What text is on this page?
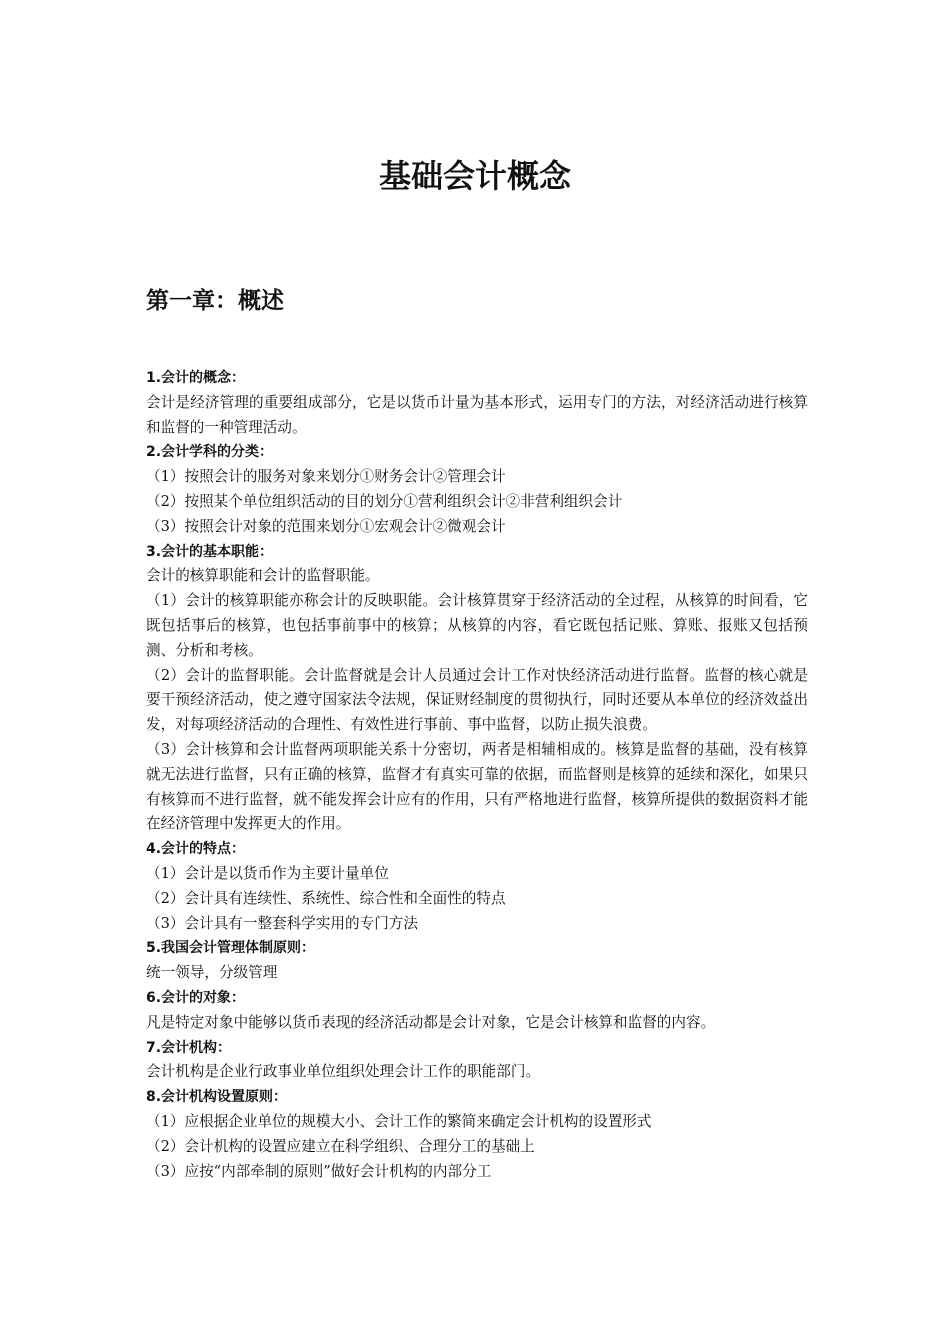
基础会计概念
第一章：概述

1.会计的概念：

会计是经济管理的重要组成部分，它是以货币计量为基本形式，运用专门的方法，对经济活动进行核算和监督的一种管理活动。

2.会计学科的分类：

（1）按照会计的服务对象来划分①财务会计②管理会计

（2）按照某个单位组织活动的目的划分①营利组织会计②非营利组织会计

（3）按照会计对象的范围来划分①宏观会计②微观会计

3.会计的基本职能：

会计的核算职能和会计的监督职能。

（1）会计的核算职能亦称会计的反映职能。会计核算贯穿于经济活动的全过程，从核算的时间看，它既包括事后的核算，也包括事前事中的核算；从核算的内容，看它既包括记账、算账、报账又包括预测、分析和考核。

（2）会计的监督职能。会计监督就是会计人员通过会计工作对快经济活动进行监督。监督的核心就是要干预经济活动，使之遵守国家法令法规，保证财经制度的贯彻执行，同时还要从本单位的经济效益出发，对每项经济活动的合理性、有效性进行事前、事中监督，以防止损失浪费。

（3）会计核算和会计监督两项职能关系十分密切，两者是相辅相成的。核算是监督的基础，没有核算就无法进行监督，只有正确的核算，监督才有真实可靠的依据，而监督则是核算的延续和深化，如果只有核算而不进行监督，就不能发挥会计应有的作用，只有严格地进行监督，核算所提供的数据资料才能在经济管理中发挥更大的作用。

4.会计的特点：

（1）会计是以货币作为主要计量单位

（2）会计具有连续性、系统性、综合性和全面性的特点

（3）会计具有一整套科学实用的专门方法

5.我国会计管理体制原则：

统一领导，分级管理

6.会计的对象：

凡是特定对象中能够以货币表现的经济活动都是会计对象，它是会计核算和监督的内容。

7.会计机构：

会计机构是企业行政事业单位组织处理会计工作的职能部门。

8.会计机构设置原则：

（1）应根据企业单位的规模大小、会计工作的繁简来确定会计机构的设置形式

（2）会计机构的设置应建立在科学组织、合理分工的基础上

（3）应按“内部牵制的原则”做好会计机构的内部分工
